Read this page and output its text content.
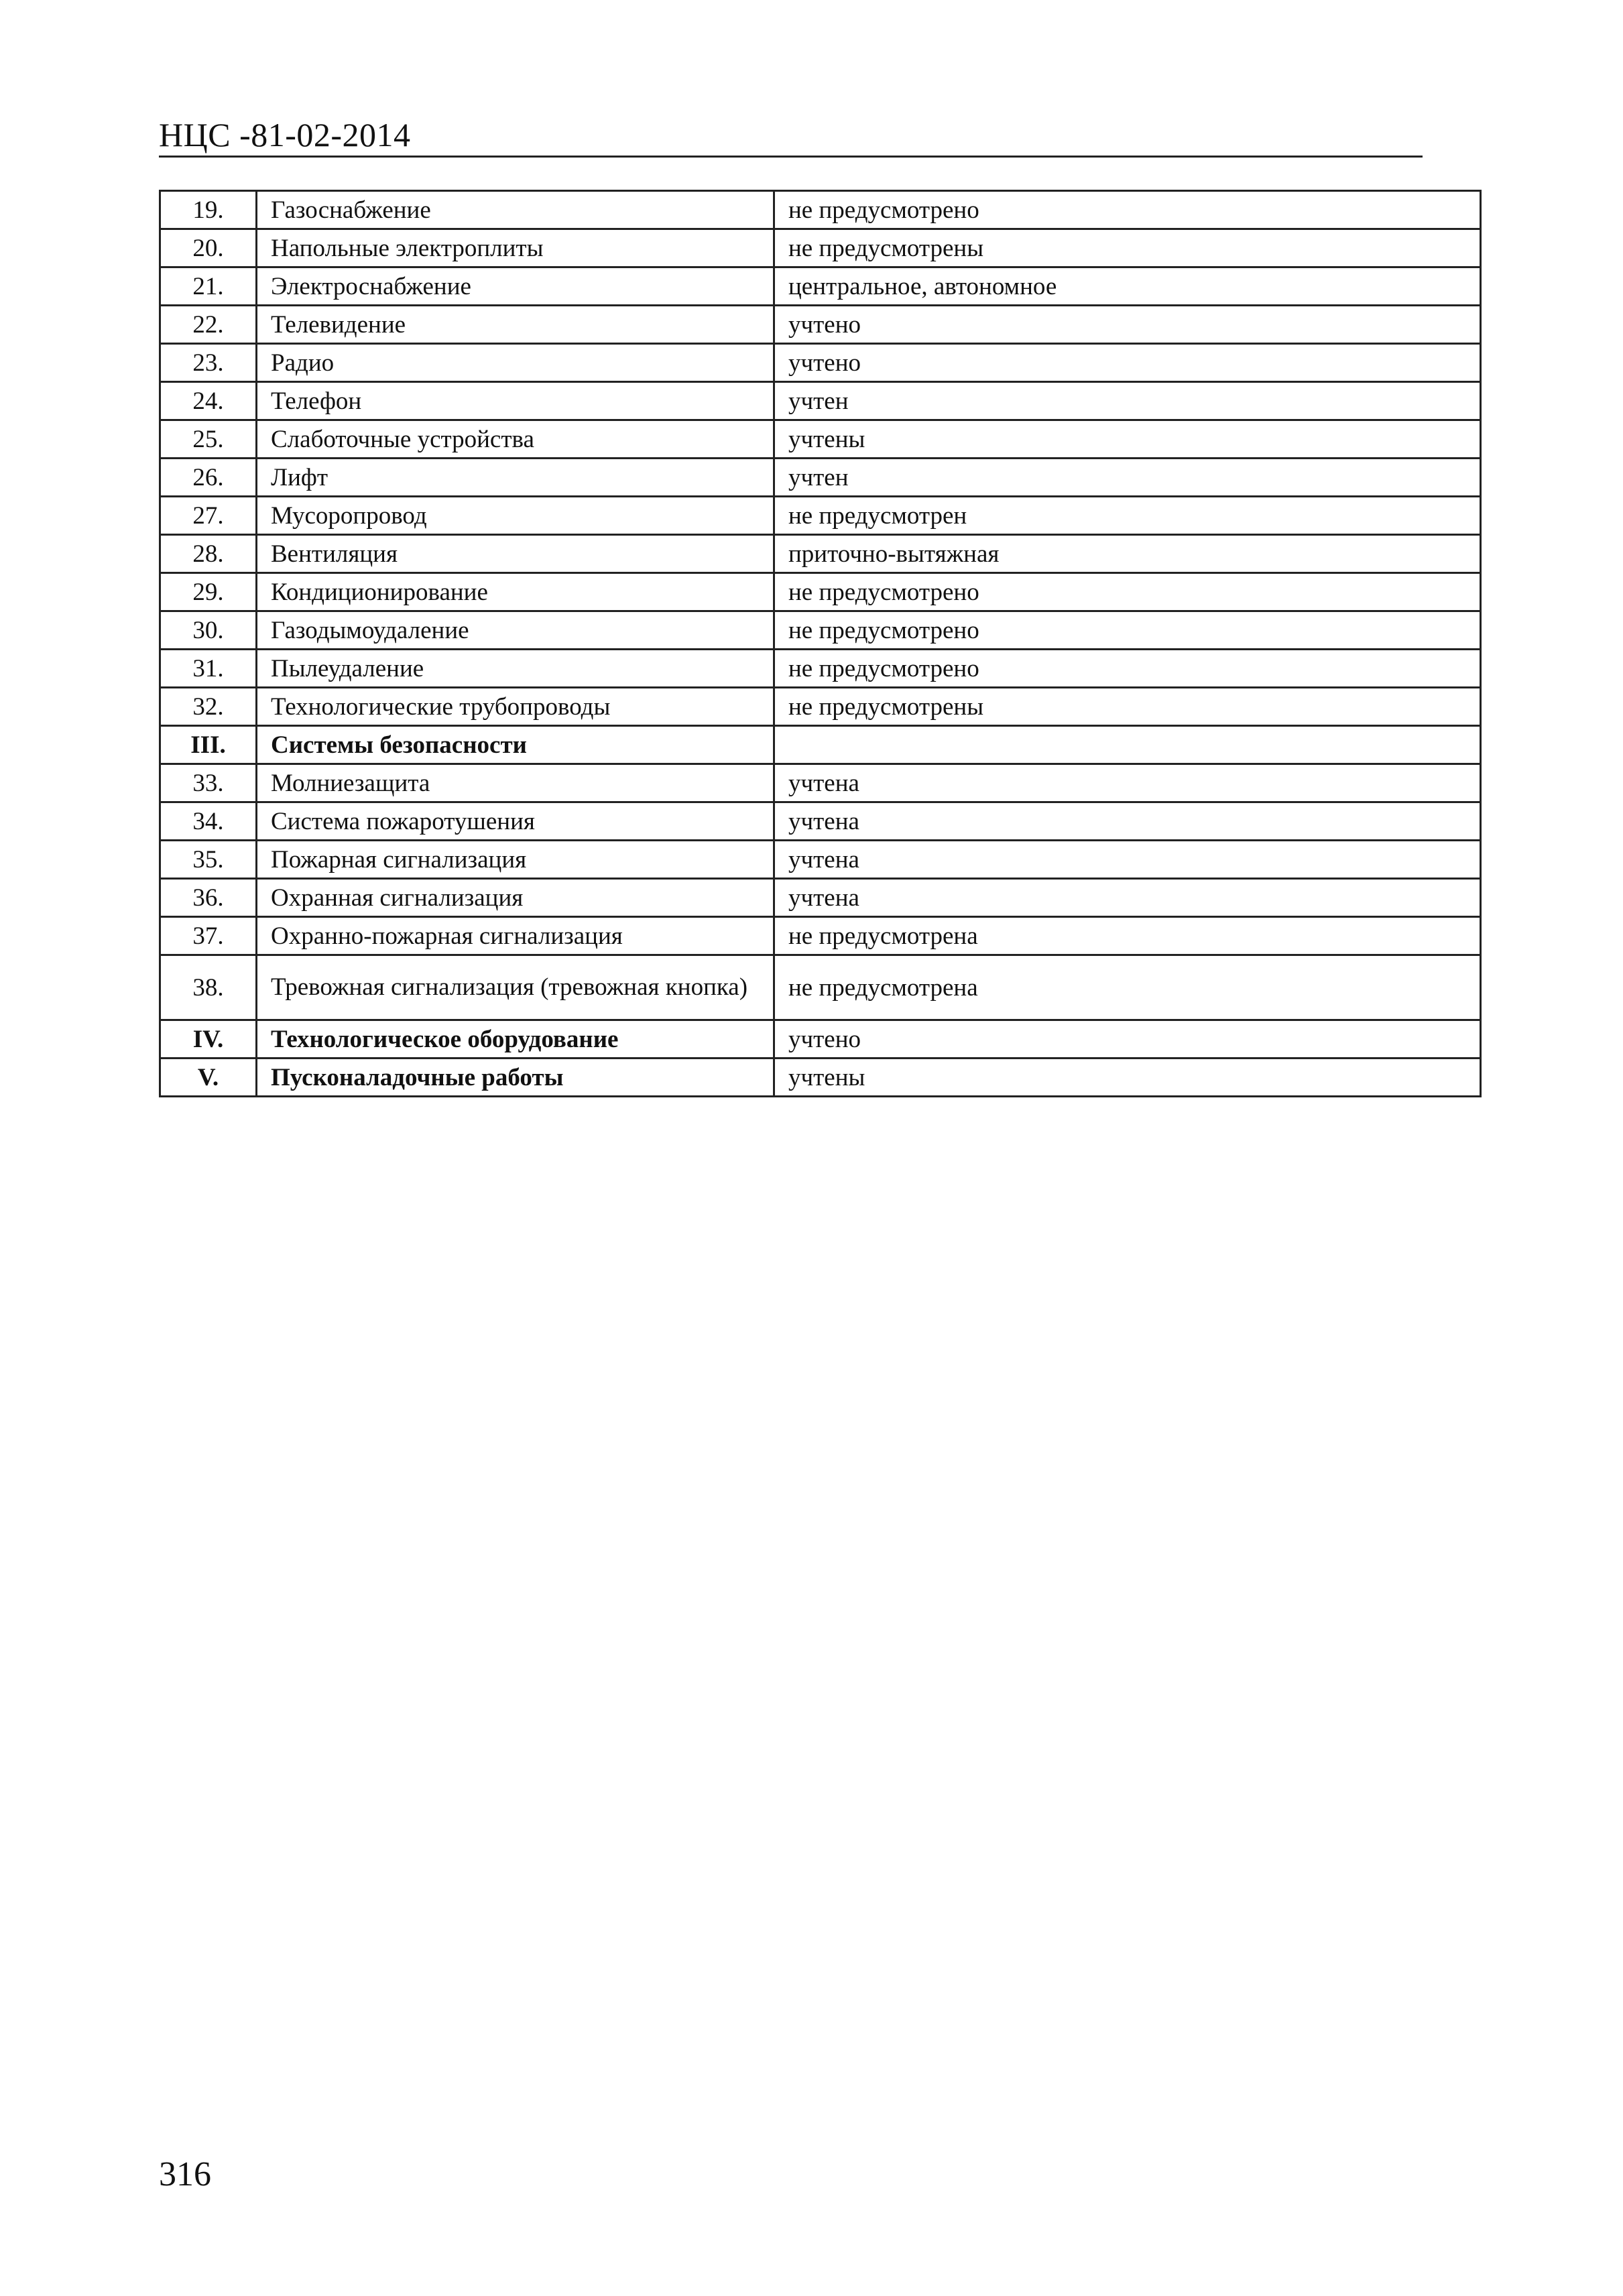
НЦС -81-02-2014
19.	Газоснабжение	не предусмотрено
20.	Напольные электроплиты	не предусмотрены
21.	Электроснабжение	центральное, автономное
22.	Телевидение	учтено
23.	Радио	учтено
24.	Телефон	учтен
25.	Слаботочные устройства	учтены
26.	Лифт	учтен
27.	Мусоропровод	не предусмотрен
28.	Вентиляция	приточно-вытяжная
29.	Кондиционирование	не предусмотрено
30.	Газодымоудаление	не предусмотрено
31.	Пылеудаление	не предусмотрено
32.	Технологические трубопроводы	не предусмотрены
III.	Системы безопасности	
33.	Молниезащита	учтена
34.	Система пожаротушения	учтена
35.	Пожарная сигнализация	учтена
36.	Охранная сигнализация	учтена
37.	Охранно-пожарная сигнализация	не предусмотрена
38.	Тревожная сигнализация (тревожная кнопка)	не предусмотрена
IV.	Технологическое оборудование	учтено
V.	Пусконаладочные работы	учтены
316
